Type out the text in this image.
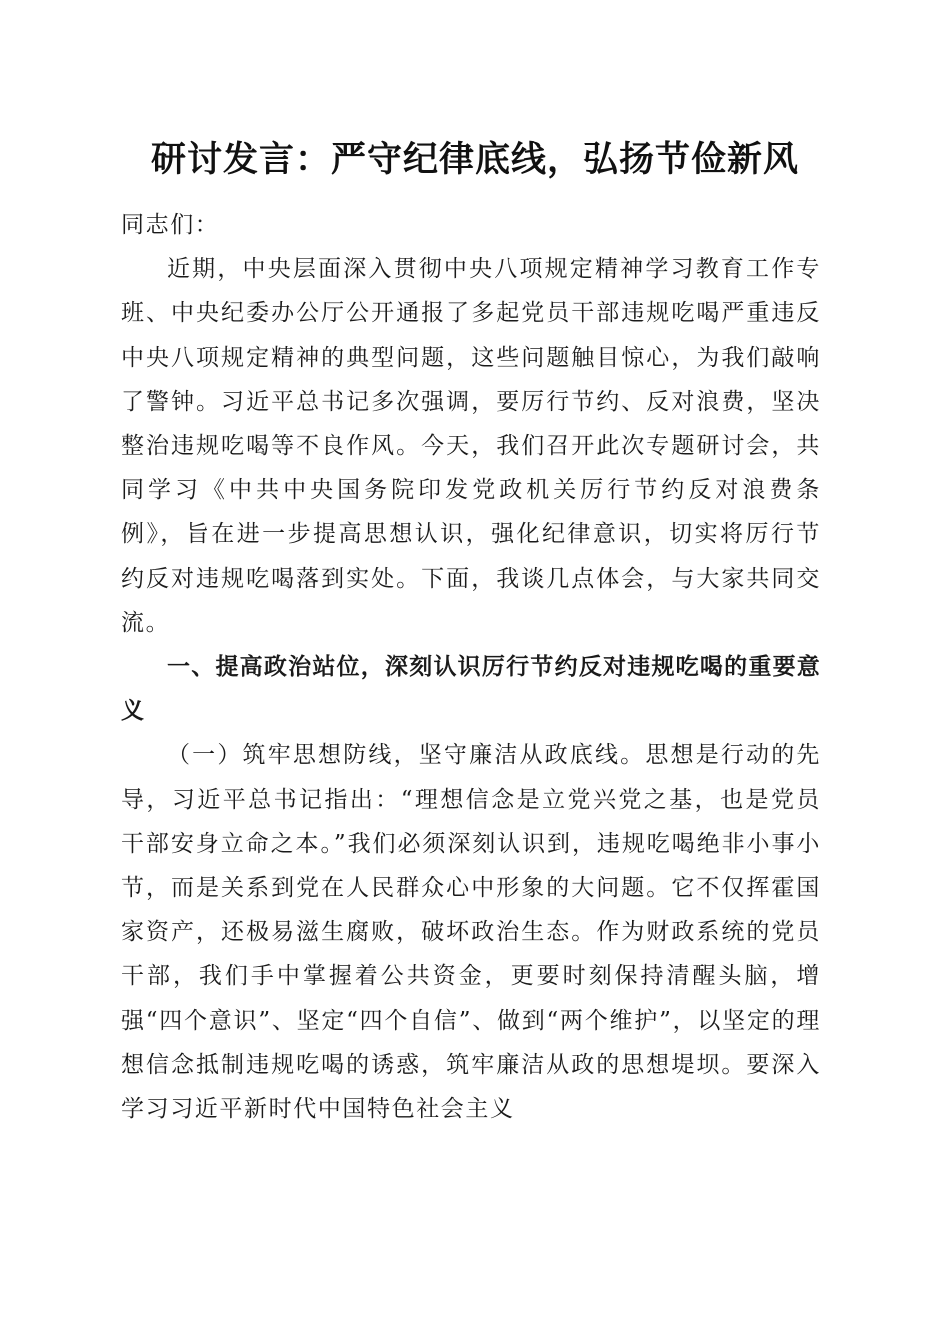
研讨发言：严守纪律底线，弘扬节俭新风

同志们：

近期，中央层面深入贯彻中央八项规定精神学习教育工作专班、中央纪委办公厅公开通报了多起党员干部违规吃喝严重违反中央八项规定精神的典型问题，这些问题触目惊心，为我们敲响了警钟。习近平总书记多次强调，要厉行节约、反对浪费，坚决整治违规吃喝等不良作风。今天，我们召开此次专题研讨会，共同学习《中共中央国务院印发党政机关厉行节约反对浪费条例》，旨在进一步提高思想认识，强化纪律意识，切实将厉行节约反对违规吃喝落到实处。下面，我谈几点体会，与大家共同交流。

一、提高政治站位，深刻认识厉行节约反对违规吃喝的重要意义

（一）筑牢思想防线，坚守廉洁从政底线。思想是行动的先导，习近平总书记指出：“理想信念是立党兴党之基，也是党员干部安身立命之本。”我们必须深刻认识到，违规吃喝绝非小事小节，而是关系到党在人民群众心中形象的大问题。它不仅挥霍国家资产，还极易滋生腐败，破坏政治生态。作为财政系统的党员干部，我们手中掌握着公共资金，更要时刻保持清醒头脑，增强“四个意识”、坚定“四个自信”、做到“两个维护”，以坚定的理想信念抵制违规吃喝的诱惑，筑牢廉洁从政的思想堤坝。要深入学习习近平新时代中国特色社会主义
